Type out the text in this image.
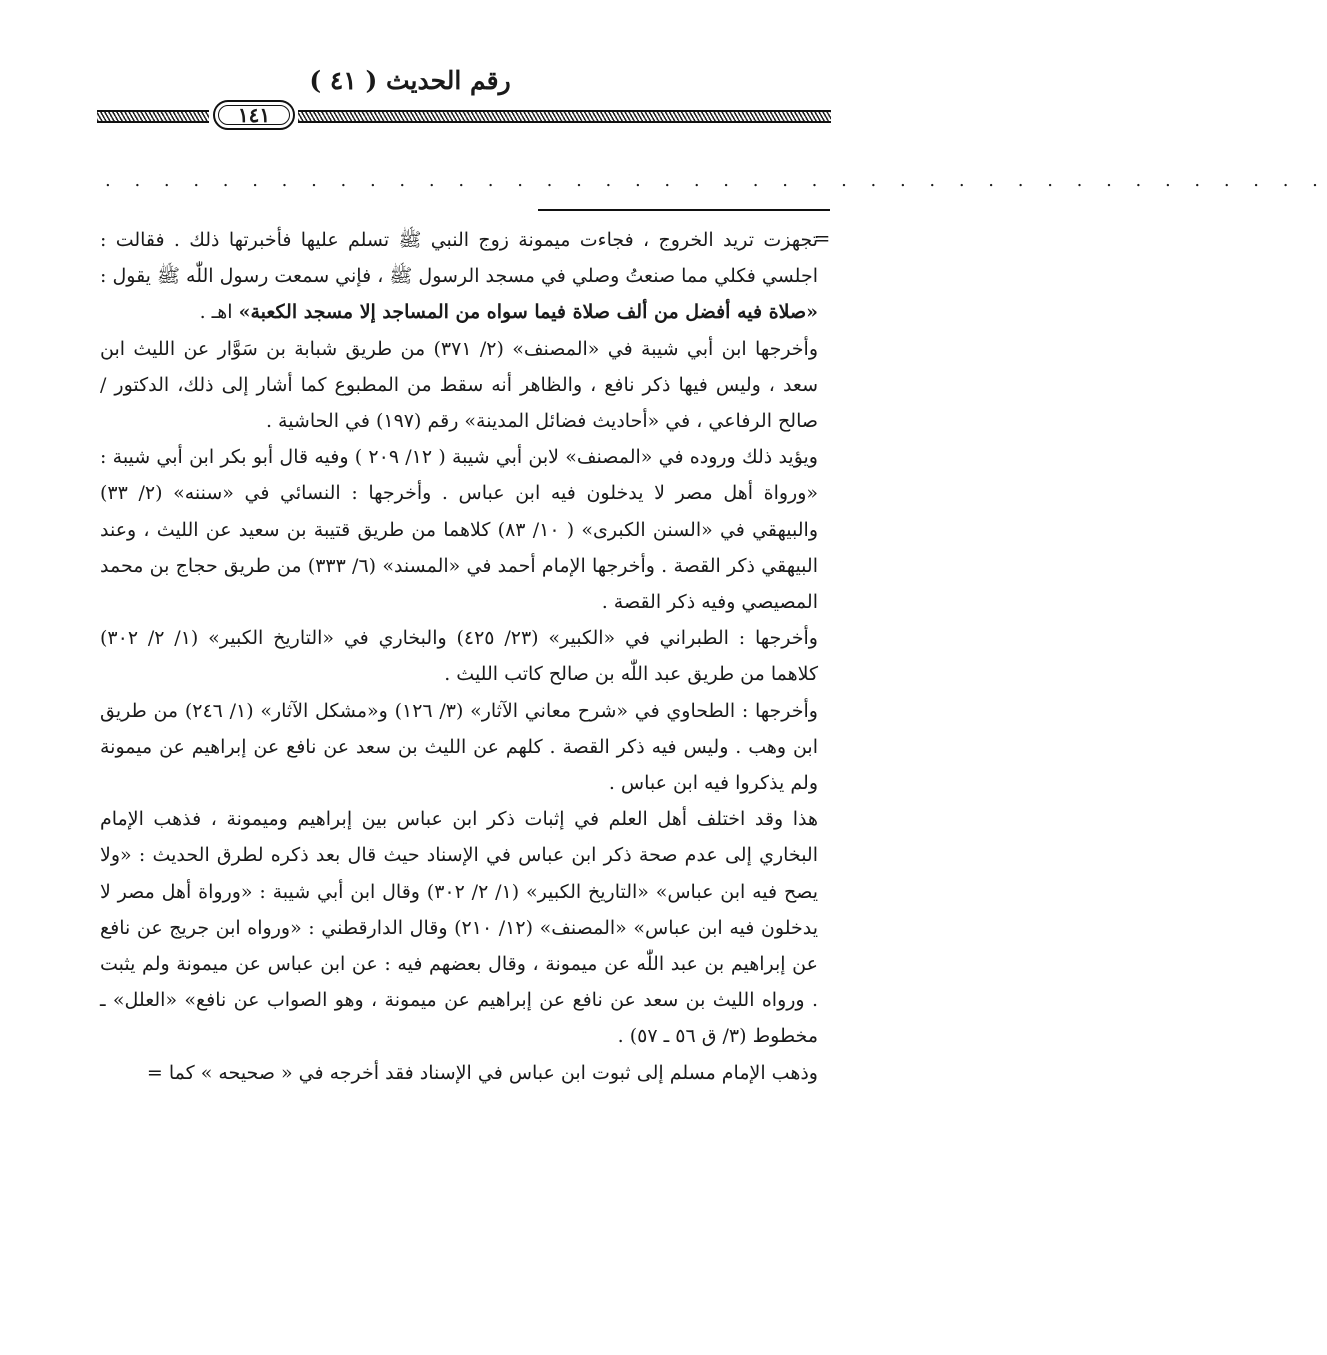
رقم الحديث ( ٤١ )
١٤١
. . . . . . . . . . . . . . . . . . . . . . . . . . . . . . . . . . . . . . . . . .
=

تجهزت تريد الخروج ، فجاءت ميمونة زوج النبي ﷺ تسلم عليها فأخبرتها ذلك . فقالت : اجلسي فكلي مما صنعتُ وصلي في مسجد الرسول ﷺ ، فإني سمعت رسول اللّٰه ﷺ يقول : «صلاة فيه أفضل من ألف صلاة فيما سواه من المساجد إلا مسجد الكعبة» اهـ .

وأخرجها ابن أبي شيبة في «المصنف» (٢/ ٣٧١) من طريق شبابة بن سَوَّار عن الليث ابن سعد ، وليس فيها ذكر نافع ، والظاهر أنه سقط من المطبوع كما أشار إلى ذلك، الدكتور / صالح الرفاعي ، في «أحاديث فضائل المدينة» رقم (١٩٧) في الحاشية .

ويؤيد ذلك وروده في «المصنف» لابن أبي شيبة ( ١٢/ ٢٠٩ ) وفيه قال أبو بكر ابن أبي شيبة : «ورواة أهل مصر لا يدخلون فيه ابن عباس . وأخرجها : النسائي في «سننه» (٢/ ٣٣) والبيهقي في «السنن الكبرى» ( ١٠/ ٨٣) كلاهما من طريق قتيبة بن سعيد عن الليث ، وعند البيهقي ذكر القصة . وأخرجها الإمام أحمد في «المسند» (٦/ ٣٣٣) من طريق حجاج بن محمد المصيصي وفيه ذكر القصة .

وأخرجها : الطبراني في «الكبير» (٢٣/ ٤٢٥) والبخاري في «التاريخ الكبير» (١/ ٢/ ٣٠٢) كلاهما من طريق عبد اللّٰه بن صالح كاتب الليث .

وأخرجها : الطحاوي في «شرح معاني الآثار» (٣/ ١٢٦) و«مشكل الآثار» (١/ ٢٤٦) من طريق ابن وهب . وليس فيه ذكر القصة . كلهم عن الليث بن سعد عن نافع عن إبراهيم عن ميمونة ولم يذكروا فيه ابن عباس .

هذا وقد اختلف أهل العلم في إثبات ذكر ابن عباس بين إبراهيم وميمونة ، فذهب الإمام البخاري إلى عدم صحة ذكر ابن عباس في الإسناد حيث قال بعد ذكره لطرق الحديث : «ولا يصح فيه ابن عباس» «التاريخ الكبير» (١/ ٢/ ٣٠٢) وقال ابن أبي شيبة : «ورواة أهل مصر لا يدخلون فيه ابن عباس» «المصنف» (١٢/ ٢١٠) وقال الدارقطني : «ورواه ابن جريج عن نافع عن إبراهيم بن عبد اللّٰه عن ميمونة ، وقال بعضهم فيه : عن ابن عباس عن ميمونة ولم يثبت . ورواه الليث بن سعد عن نافع عن إبراهيم عن ميمونة ، وهو الصواب عن نافع» «العلل» ـ مخطوط (٣/ ق ٥٦ ـ ٥٧) .

وذهب الإمام مسلم إلى ثبوت ابن عباس في الإسناد فقد أخرجه في « صحيحه » كما =
